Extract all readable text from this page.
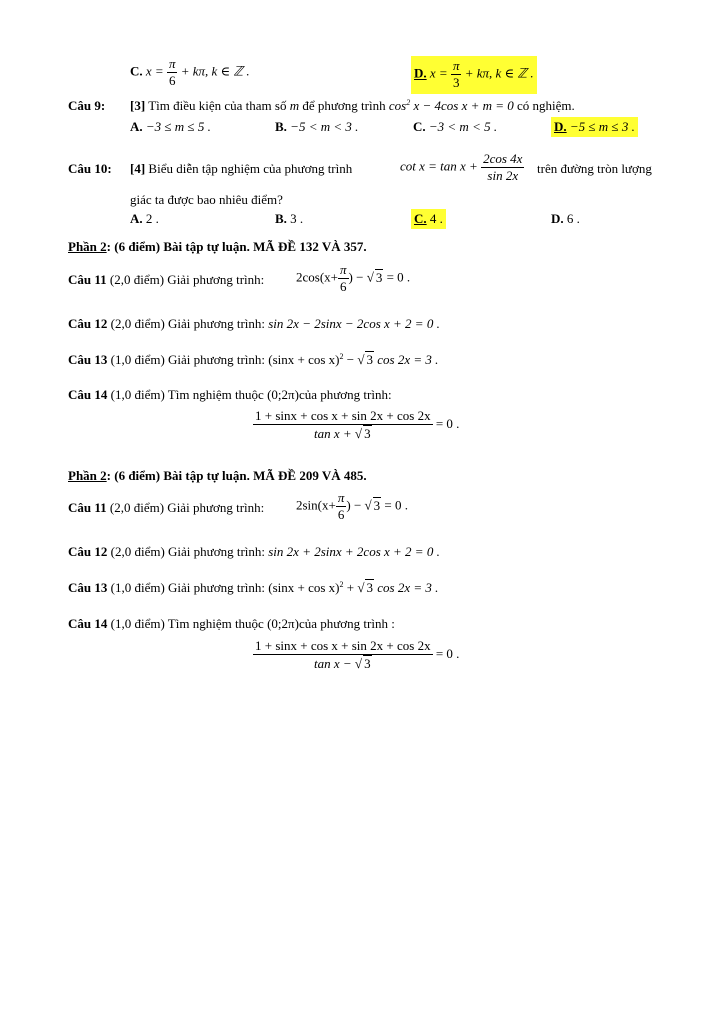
C. $x = \frac{\pi}{6} + k\pi$, k ∈ ℤ .	D. $x = \frac{\pi}{3} + k\pi$, k ∈ ℤ .
Câu 9: [3] Tìm điều kiện của tham số m để phương trình $\cos^2 x - 4\cos$ x + m = 0 có nghiệm.
A. −3 ≤ m ≤ 5 .	B. −5 < m < 3 .	C. −3 < m < 5 .	D. −5 ≤ m ≤ 3 .
Câu 10: [4] Biểu diễn tập nghiệm của phương trình	$\cot x = \tan x + \frac{2\cos 4x}{\sin 2x}$ trên đường tròn lượng
giác ta được bao nhiêu điểm?
A. 2 .	B. 3 .	C. 4 .	D. 6 .
Phần 2: (6 điểm) Bài tập tự luận. MÃ ĐỀ 132 VÀ 357.
Câu 11 (2,0 điểm) Giải phương trình: $2\cos(x+ \frac{\pi}{6}$ ) − √ 3 = 0 .
Câu 12 (2,0 điểm) Giải phương trình: sin 2x − 2sinx − 2cos x + 2 = 0 .
Câu 13 (1,0 điểm) Giải phương trình: $(\sin x + \cos x)^2$ − √ 3 cos 2x = 3 .
Câu 14 (1,0 điểm) Tìm nghiệm thuộc (0;2π)của phương trình:
$\frac{\text{1 + sinx + cos x + sin 2x + cos 2x}}{\text{tan x + √ 3}} = 0$ .
Phần 2: (6 điểm) Bài tập tự luận. MÃ ĐỀ 209 VÀ 485.
Câu 11 (2,0 điểm) Giải phương trình: $2\sin(x+ \frac{\pi}{6}$ ) − √ 3 = 0 .
Câu 12 (2,0 điểm) Giải phương trình: sin 2x + 2sinx + 2cos x + 2 = 0 .
Câu 13 (1,0 điểm) Giải phương trình: $(\sin x + \cos x)^2$ + √ 3 cos 2x = 3 .
Câu 14 (1,0 điểm) Tìm nghiệm thuộc (0;2π)của phương trình :
$\frac{\text{1 + sinx + cos x + sin 2x + cos 2x}}{\text{tan x − √ 3}} = 0$ .
